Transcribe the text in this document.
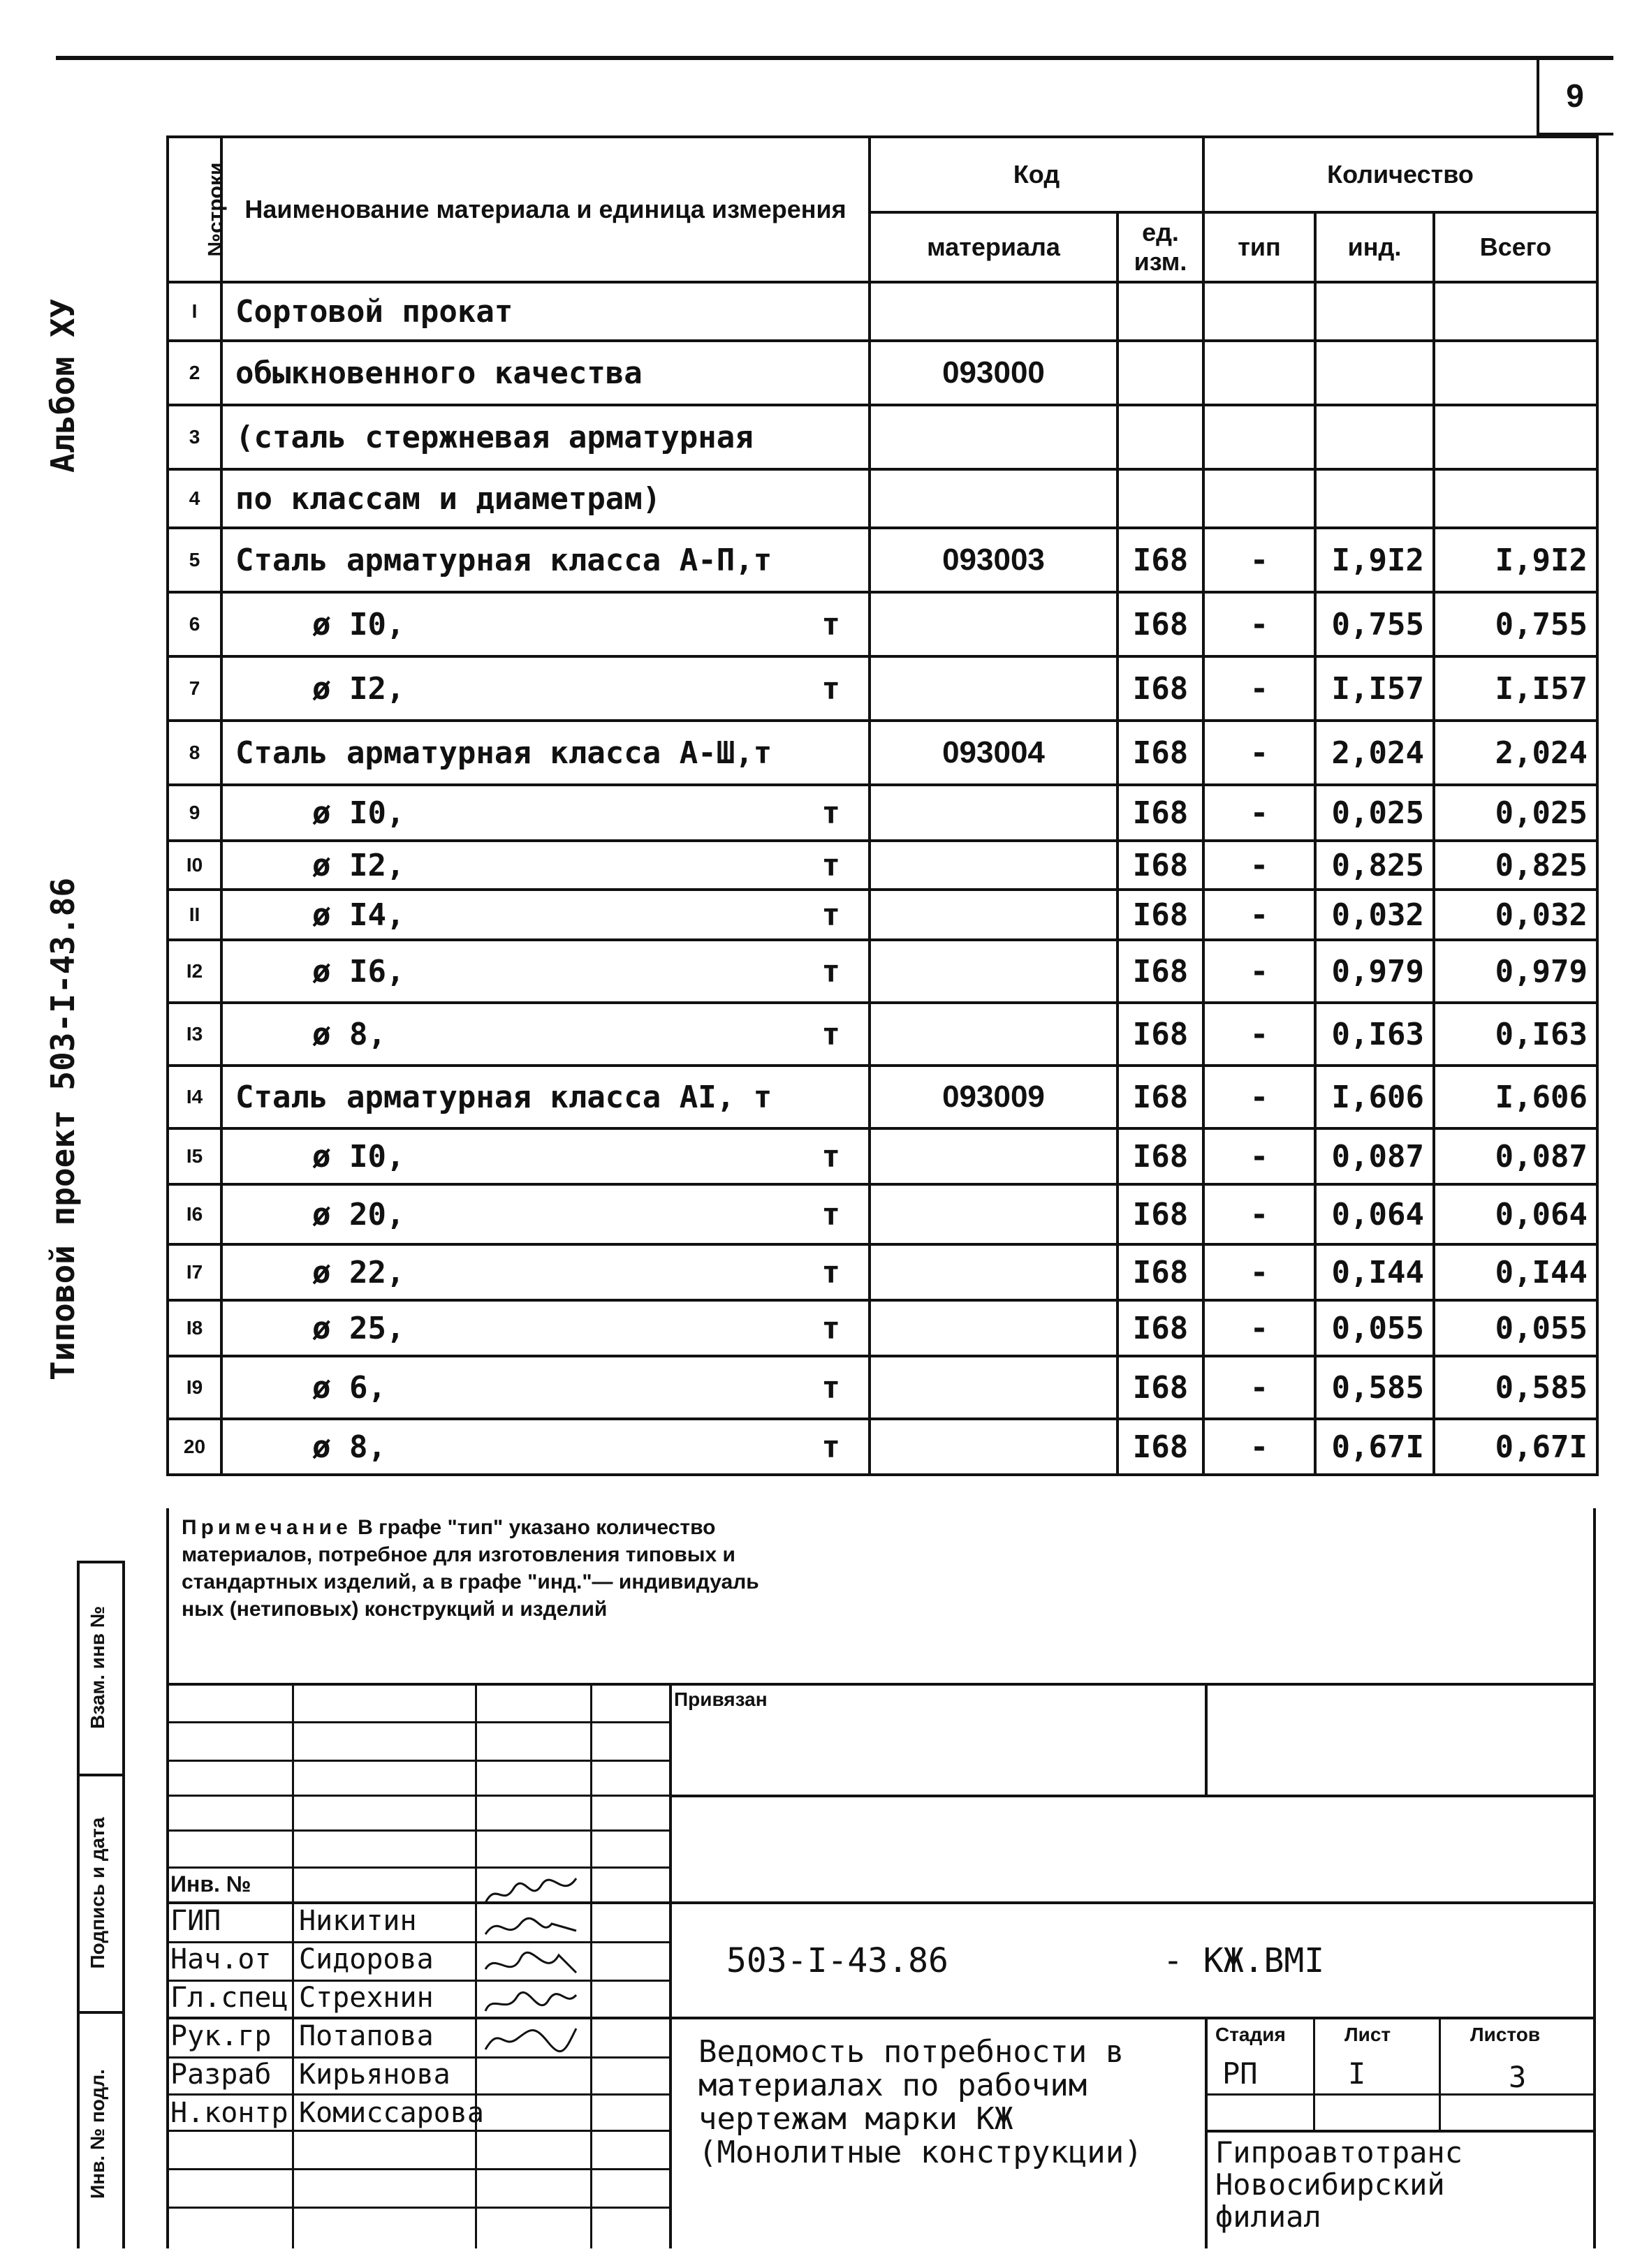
9
Альбом ХУ
Типовой проект 503-I-43.86
№строки	Наименование материала и единица измерения	Код		Количество		
		материала	ед. изм.	тип	инд.	Всего
I	Сортовой прокат					
2	обыкновенного качества	093000				
3	(сталь стержневая арматурная					
4	по классам и диаметрам)					
5	Сталь арматурная класса А-П,т	093003	I68	-	I,9I2	I,9I2
6	ø I0, т		I68	-	0,755	0,755
7	ø I2, т		I68	-	I,I57	I,I57
8	Сталь арматурная класса А-Ш,т	093004	I68	-	2,024	2,024
9	ø I0, т		I68	-	0,025	0,025
I0	ø I2, т		I68	-	0,825	0,825
II	ø I4, т		I68	-	0,032	0,032
I2	ø I6, т		I68	-	0,979	0,979
I3	ø 8, т		I68	-	0,I63	0,I63
I4	Сталь арматурная класса АI, т	093009	I68	-	I,606	I,606
I5	ø I0, т		I68	-	0,087	0,087
I6	ø 20, т		I68	-	0,064	0,064
I7	ø 22, т		I68	-	0,I44	0,I44
I8	ø 25, т		I68	-	0,055	0,055
I9	ø 6, т		I68	-	0,585	0,585
20	ø 8, т		I68	-	0,67I	0,67I
Примечание В графе "тип" указано количество
материалов, потребное для изготовления типовых и
стандартных изделий, а в графе "инд."— индивидуаль
ных (нетиповых) конструкций и изделий
Взам. инв №
Подпись и дата
Инв. № подл.
Привязан
Инв. №
503-I-43.86	- КЖ.ВМI
ГИП	Никитин
Нач.от Сидорова
Гл.спец Стрехнин
Рук.гр Потапова
Разраб Кирьянова
Н.контр Комиссарова
Ведомость потребности в
материалах по рабочим
чертежам марки КЖ
(Монолитные конструкции)
Стадия	Лист	Листов
РП	I	3
Гипроавтотранс
Новосибирский
филиал
